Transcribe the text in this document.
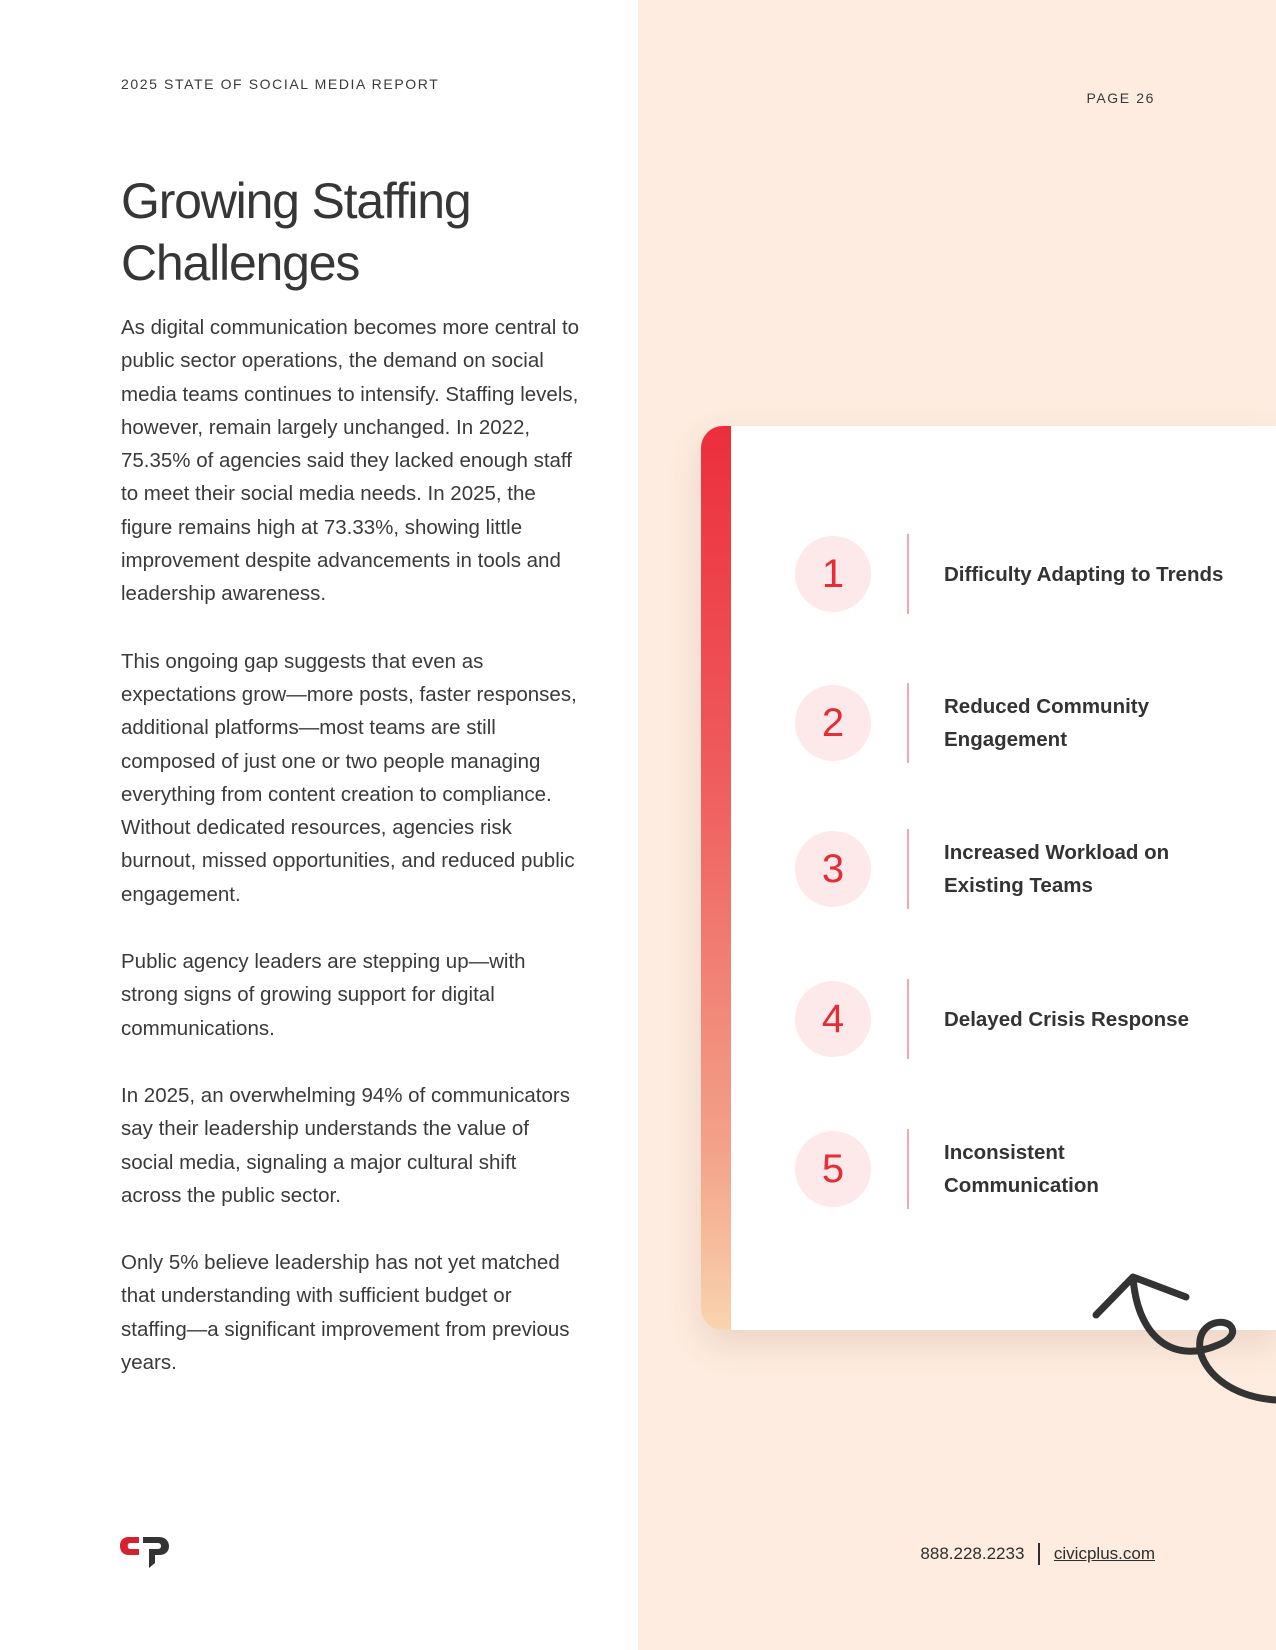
2025 STATE OF SOCIAL MEDIA REPORT
PAGE 26
Growing Staffing Challenges

As digital communication becomes more central to public sector operations, the demand on social media teams continues to intensify. Staffing levels, however, remain largely unchanged. In 2022, 75.35% of agencies said they lacked enough staff to meet their social media needs. In 2025, the figure remains high at 73.33%, showing little improvement despite advancements in tools and leadership awareness.

This ongoing gap suggests that even as expectations grow—more posts, faster responses, additional platforms—most teams are still composed of just one or two people managing everything from content creation to compliance. Without dedicated resources, agencies risk burnout, missed opportunities, and reduced public engagement.

Public agency leaders are stepping up—with strong signs of growing support for digital communications.

In 2025, an overwhelming 94% of communicators say their leadership understands the value of social media, signaling a major cultural shift across the public sector.

Only 5% believe leadership has not yet matched that understanding with sufficient budget or staffing—a significant improvement from previous years.

1	Difficulty Adapting to Trends
2	Reduced Community Engagement
3	Increased Workload on Existing Teams
4	Delayed Crisis Response
5	Inconsistent Communication
888.228.2233 civicplus.com
